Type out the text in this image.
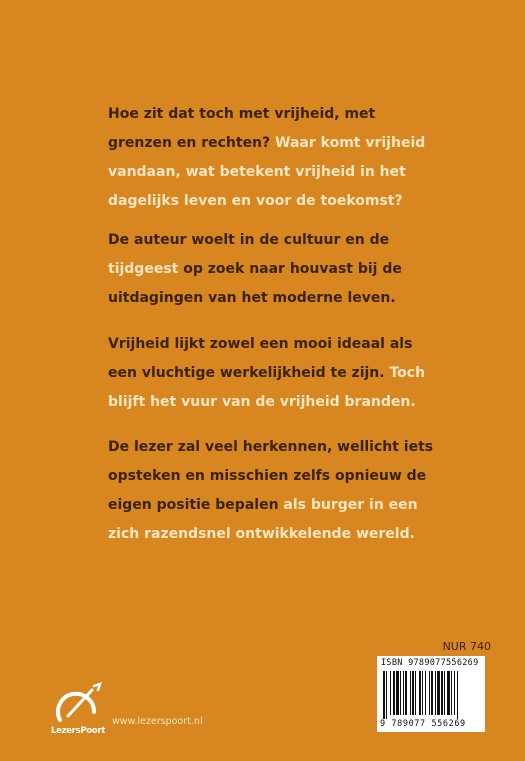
Hoe zit dat toch met vrijheid, met grenzen en rechten? Waar komt vrijheid vandaan, wat betekent vrijheid in het dagelijks leven en voor de toekomst?

De auteur woelt in de cultuur en de tijdgeest op zoek naar houvast bij de uitdagingen van het moderne leven.

Vrijheid lijkt zowel een mooi ideaal als een vluchtige werkelijkheid te zijn. Toch blijft het vuur van de vrijheid branden.

De lezer zal veel herkennen, wellicht iets opsteken en misschien zelfs opnieuw de eigen positie bepalen als burger in een zich razendsnel ontwikkelende wereld.

NUR 740
ISBN 9789077556269
9 789077 556269
LezersPoort
www.lezerspoort.nl
